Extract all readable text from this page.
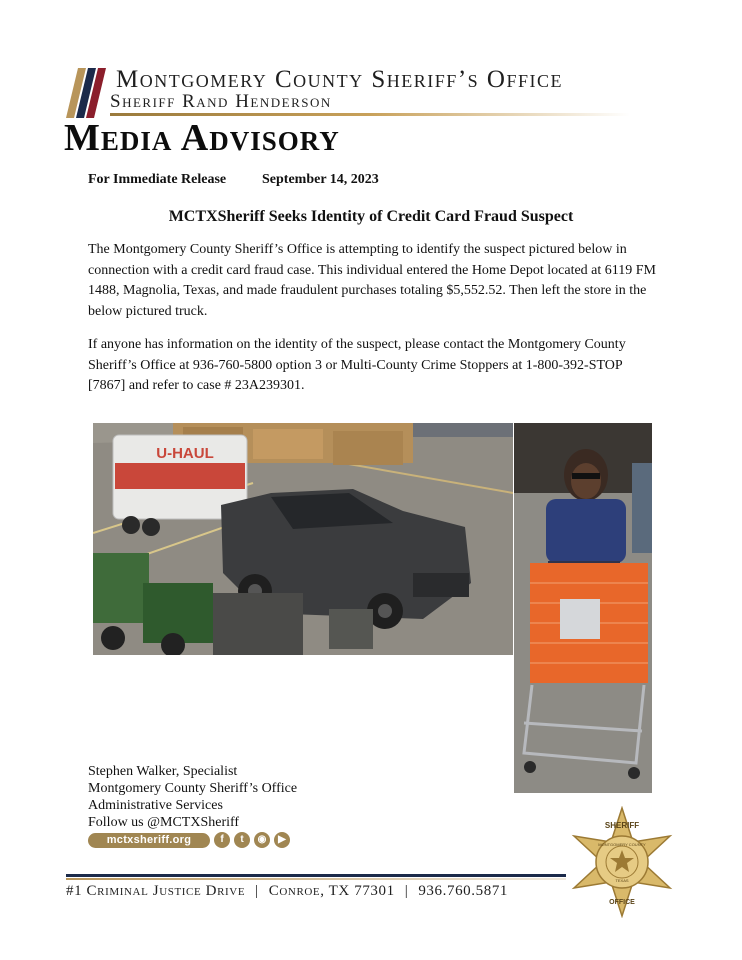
Montgomery County Sheriff’s Office
Sheriff Rand Henderson
Media Advisory
For Immediate Release	September 14, 2023
MCTXSheriff Seeks Identity of Credit Card Fraud Suspect
The Montgomery County Sheriff’s Office is attempting to identify the suspect pictured below in connection with a credit card fraud case. This individual entered the Home Depot located at 6119 FM 1488, Magnolia, Texas, and made fraudulent purchases totaling $5,552.52. Then left the store in the below pictured truck.
If anyone has information on the identity of the suspect, please contact the Montgomery County Sheriff’s Office at 936-760-5800 option 3 or Multi-County Crime Stoppers at 1-800-392-STOP [7867] and refer to case # 23A239301.
U-HAUL
Stephen Walker, Specialist
Montgomery County Sheriff’s Office
Administrative Services
Follow us @MCTXSheriff
mctxsheriff.org	f	t	◉	▶
SHERIFF
OFFICE
MONTGOMERY COUNTY
TEXAS
#1 Criminal Justice Drive | Conroe, TX 77301 | 936.760.5871
